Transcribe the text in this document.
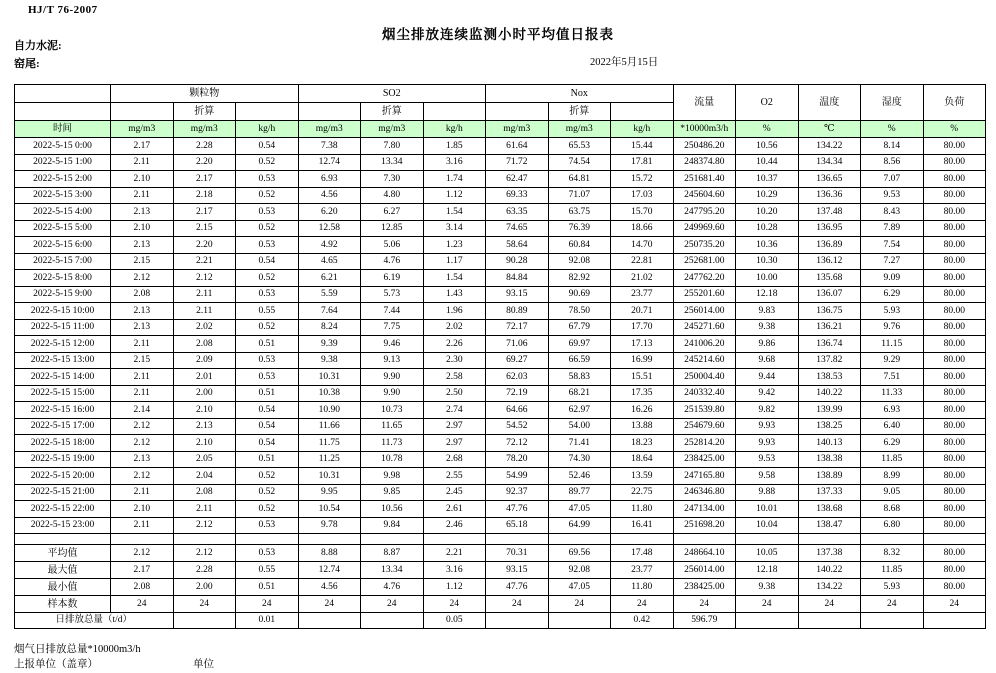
HJ/T 76-2007
烟尘排放连续监测小时平均值日报表
自力水泥:
窑尾:	2022年5月15日
	颗粒物			SO2			Nox			流量	O2	温度	湿度	负荷
		折算			折算			折算						
时间	mg/m3	mg/m3	kg/h	mg/m3	mg/m3	kg/h	mg/m3	mg/m3	kg/h	*10000m3/h	%	℃	%	%
2022-5-15 0:00	2.17	2.28	0.54	7.38	7.80	1.85	61.64	65.53	15.44	250486.20	10.56	134.22	8.14	80.00
2022-5-15 1:00	2.11	2.20	0.52	12.74	13.34	3.16	71.72	74.54	17.81	248374.80	10.44	134.34	8.56	80.00
2022-5-15 2:00	2.10	2.17	0.53	6.93	7.30	1.74	62.47	64.81	15.72	251681.40	10.37	136.65	7.07	80.00
2022-5-15 3:00	2.11	2.18	0.52	4.56	4.80	1.12	69.33	71.07	17.03	245604.60	10.29	136.36	9.53	80.00
2022-5-15 4:00	2.13	2.17	0.53	6.20	6.27	1.54	63.35	63.75	15.70	247795.20	10.20	137.48	8.43	80.00
2022-5-15 5:00	2.10	2.15	0.52	12.58	12.85	3.14	74.65	76.39	18.66	249969.60	10.28	136.95	7.89	80.00
2022-5-15 6:00	2.13	2.20	0.53	4.92	5.06	1.23	58.64	60.84	14.70	250735.20	10.36	136.89	7.54	80.00
2022-5-15 7:00	2.15	2.21	0.54	4.65	4.76	1.17	90.28	92.08	22.81	252681.00	10.30	136.12	7.27	80.00
2022-5-15 8:00	2.12	2.12	0.52	6.21	6.19	1.54	84.84	82.92	21.02	247762.20	10.00	135.68	9.09	80.00
2022-5-15 9:00	2.08	2.11	0.53	5.59	5.73	1.43	93.15	90.69	23.77	255201.60	12.18	136.07	6.29	80.00
2022-5-15 10:00	2.13	2.11	0.55	7.64	7.44	1.96	80.89	78.50	20.71	256014.00	9.83	136.75	5.93	80.00
2022-5-15 11:00	2.13	2.02	0.52	8.24	7.75	2.02	72.17	67.79	17.70	245271.60	9.38	136.21	9.76	80.00
2022-5-15 12:00	2.11	2.08	0.51	9.39	9.46	2.26	71.06	69.97	17.13	241006.20	9.86	136.74	11.15	80.00
2022-5-15 13:00	2.15	2.09	0.53	9.38	9.13	2.30	69.27	66.59	16.99	245214.60	9.68	137.82	9.29	80.00
2022-5-15 14:00	2.11	2.01	0.53	10.31	9.90	2.58	62.03	58.83	15.51	250004.40	9.44	138.53	7.51	80.00
2022-5-15 15:00	2.11	2.00	0.51	10.38	9.90	2.50	72.19	68.21	17.35	240332.40	9.42	140.22	11.33	80.00
2022-5-15 16:00	2.14	2.10	0.54	10.90	10.73	2.74	64.66	62.97	16.26	251539.80	9.82	139.99	6.93	80.00
2022-5-15 17:00	2.12	2.13	0.54	11.66	11.65	2.97	54.52	54.00	13.88	254679.60	9.93	138.25	6.40	80.00
2022-5-15 18:00	2.12	2.10	0.54	11.75	11.73	2.97	72.12	71.41	18.23	252814.20	9.93	140.13	6.29	80.00
2022-5-15 19:00	2.13	2.05	0.51	11.25	10.78	2.68	78.20	74.30	18.64	238425.00	9.53	138.38	11.85	80.00
2022-5-15 20:00	2.12	2.04	0.52	10.31	9.98	2.55	54.99	52.46	13.59	247165.80	9.58	138.89	8.99	80.00
2022-5-15 21:00	2.11	2.08	0.52	9.95	9.85	2.45	92.37	89.77	22.75	246346.80	9.88	137.33	9.05	80.00
2022-5-15 22:00	2.10	2.11	0.52	10.54	10.56	2.61	47.76	47.05	11.80	247134.00	10.01	138.68	8.68	80.00
2022-5-15 23:00	2.11	2.12	0.53	9.78	9.84	2.46	65.18	64.99	16.41	251698.20	10.04	138.47	6.80	80.00

平均值	2.12	2.12	0.53	8.88	8.87	2.21	70.31	69.56	17.48	248664.10	10.05	137.38	8.32	80.00
最大值	2.17	2.28	0.55	12.74	13.34	3.16	93.15	92.08	23.77	256014.00	12.18	140.22	11.85	80.00
最小值	2.08	2.00	0.51	4.56	4.76	1.12	47.76	47.05	11.80	238425.00	9.38	134.22	5.93	80.00
样本数	24	24	24	24	24	24	24	24	24	24	24	24	24	24
日排放总量（t/d）			0.01			0.05			0.42	596.79				
烟气日排放总量*10000m3/h
上报单位（盖章）	单位
